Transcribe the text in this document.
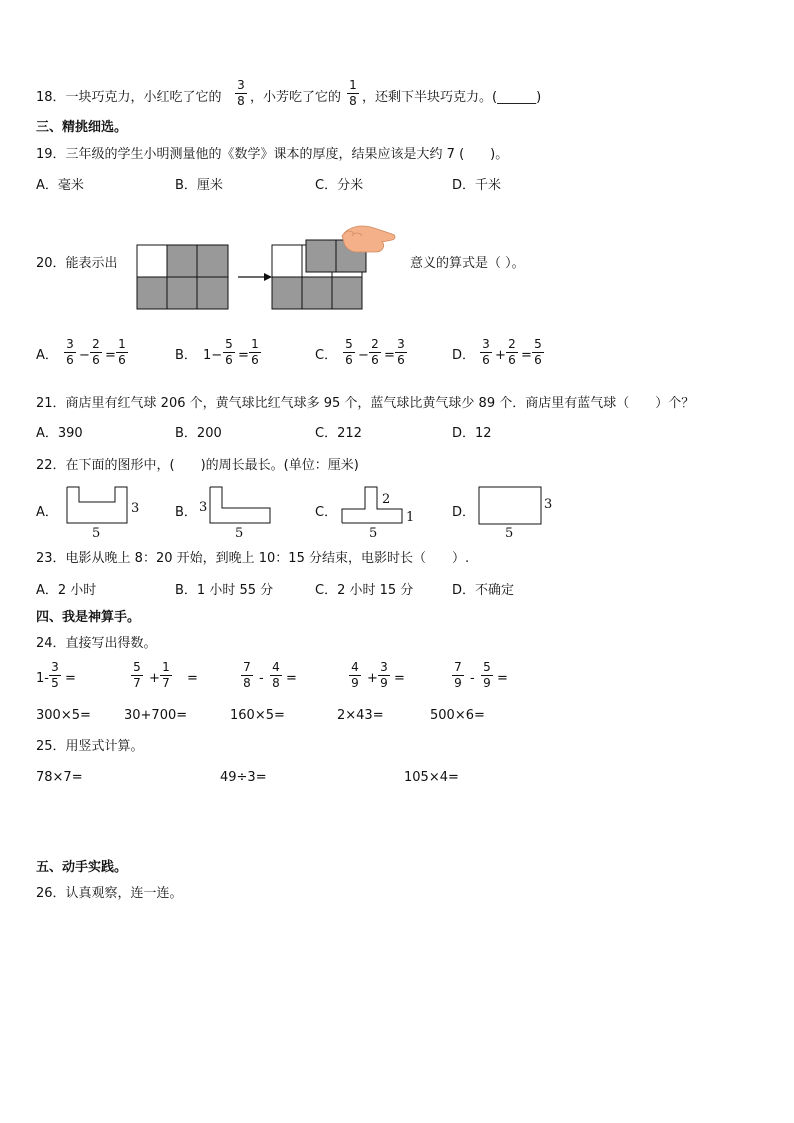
18．一块巧克力，小红吃了它的 $\frac{3}{8}$ ，小芳吃了它的 $\frac{1}{8}$ ，还剩下半块巧克力。(______)
三、精挑细选。
19．三年级的学生小明测量他的《数学》课本的厚度，结果应该是大约 7 (　　)。
A．毫米	B．厘米	C．分米	D．千米
20．能表示出	意义的算式是（ ）。
A． $\frac{3}{6} - \frac{2}{6} = \frac{1}{6}$	B． $1- \frac{5}{6} = \frac{1}{6}$	C． $\frac{5}{6} - \frac{2}{6} = \frac{3}{6}$	D． $\frac{3}{6} + \frac{2}{6} = \frac{5}{6}$
21．商店里有红气球 206 个，黄气球比红气球多 95 个，蓝气球比黄气球少 89 个．商店里有蓝气球（　　）个？
A．390	B．200	C．212	D．12
22．在下面的图形中，(　　)的周长最长。(单位：厘米)
A．	3
5
B． 3
5
C．
2
1
5
D．
3
5
23．电影从晚上 8：20 开始，到晚上 10：15 分结束，电影时长（　　）.
A．2 小时	B．1 小时 55 分	C．2 小时 15 分	D．不确定
四、我是神算手。
24．直接写出得数。
$1- \frac{3}{5}$ =	$\frac{5}{7} + \frac{1}{7}$ =	$\frac{7}{8} - \frac{4}{8}$ =	$\frac{4}{9} + \frac{3}{9}$ =	$\frac{7}{9} - \frac{5}{9}$ =
300×5=	30+700=	160×5=	2×43=	500×6=
25．用竖式计算。
78×7=	49÷3=	105×4=
五、动手实践。
26．认真观察，连一连。
